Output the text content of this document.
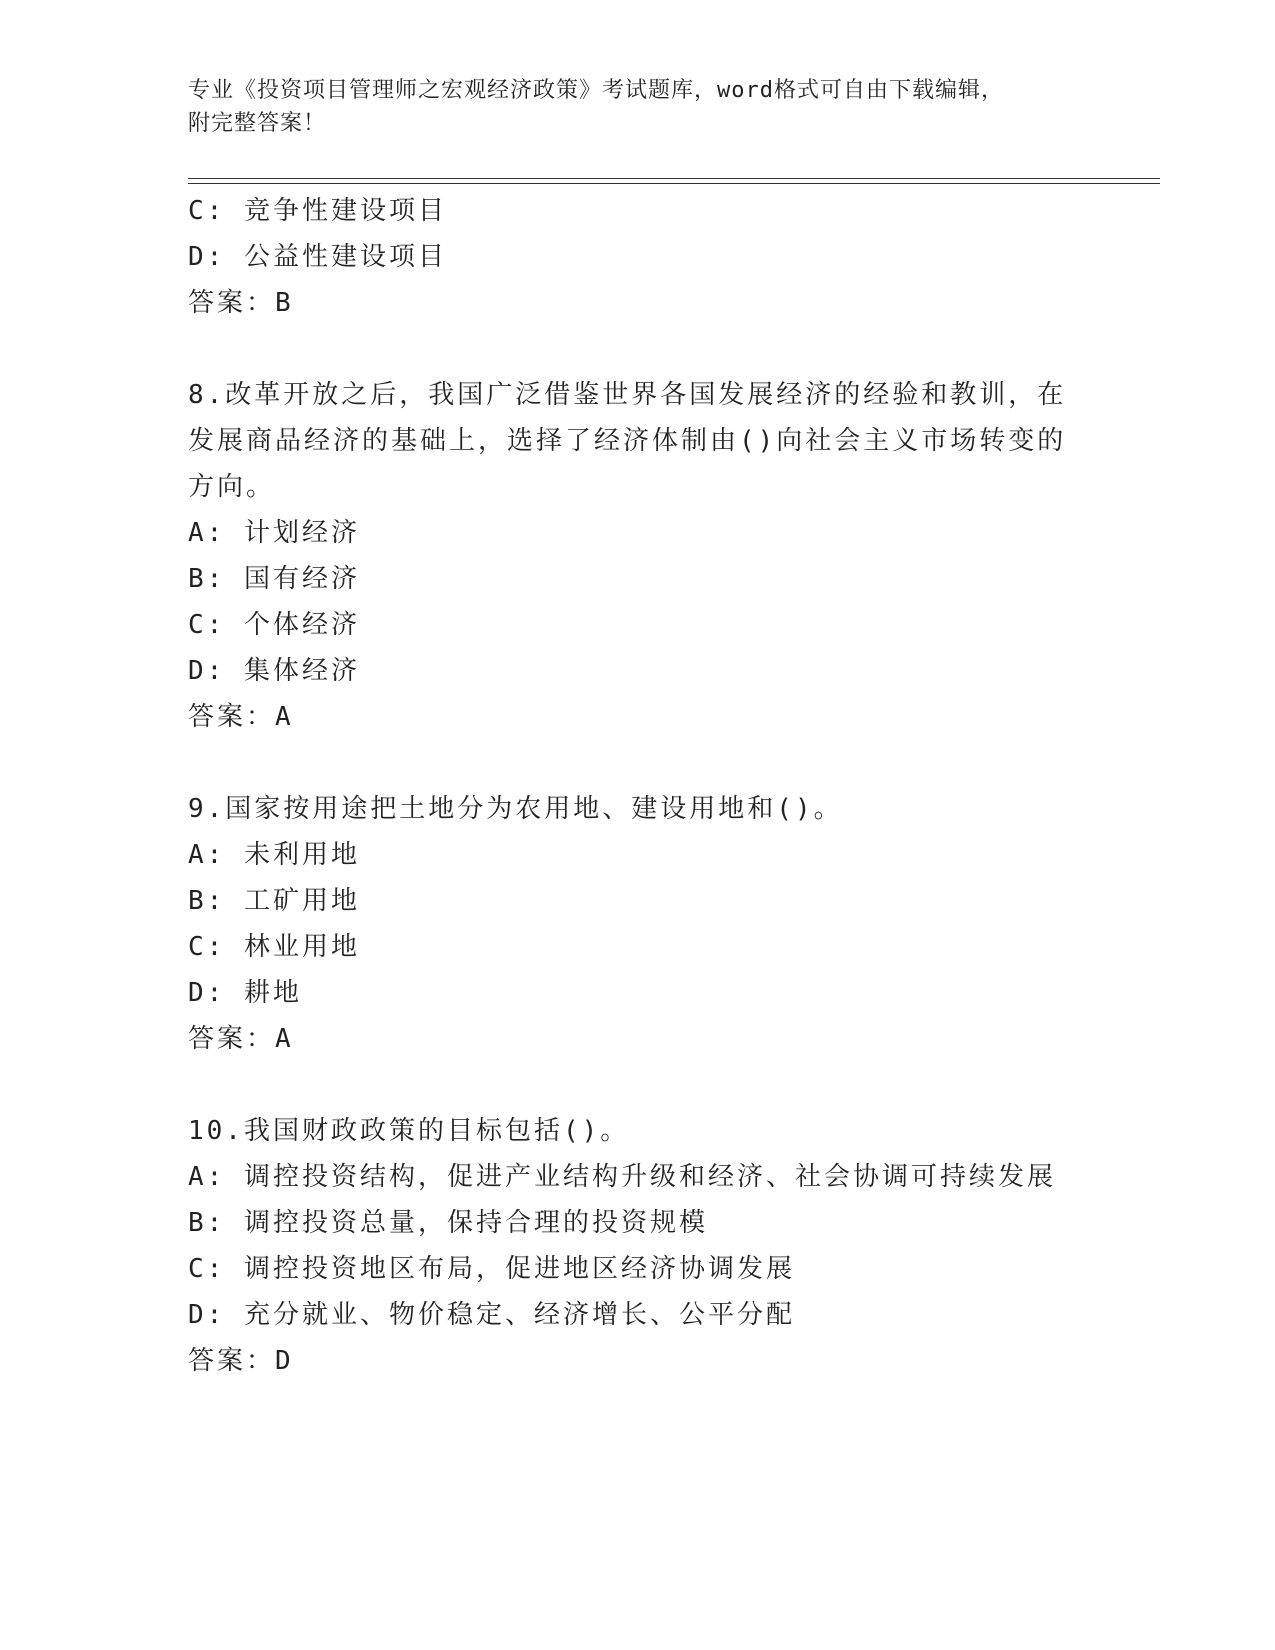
专业《投资项目管理师之宏观经济政策》考试题库，word格式可自由下载编辑，
附完整答案！
C: 竞争性建设项目
D: 公益性建设项目
答案：B
8.改革开放之后，我国广泛借鉴世界各国发展经济的经验和教训，在
发展商品经济的基础上，选择了经济体制由()向社会主义市场转变的
方向。
A: 计划经济
B: 国有经济
C: 个体经济
D: 集体经济
答案：A
9.国家按用途把土地分为农用地、建设用地和()。
A: 未利用地
B: 工矿用地
C: 林业用地
D: 耕地
答案：A
10.我国财政政策的目标包括()。
A: 调控投资结构，促进产业结构升级和经济、社会协调可持续发展
B: 调控投资总量，保持合理的投资规模
C: 调控投资地区布局，促进地区经济协调发展
D: 充分就业、物价稳定、经济增长、公平分配
答案：D
